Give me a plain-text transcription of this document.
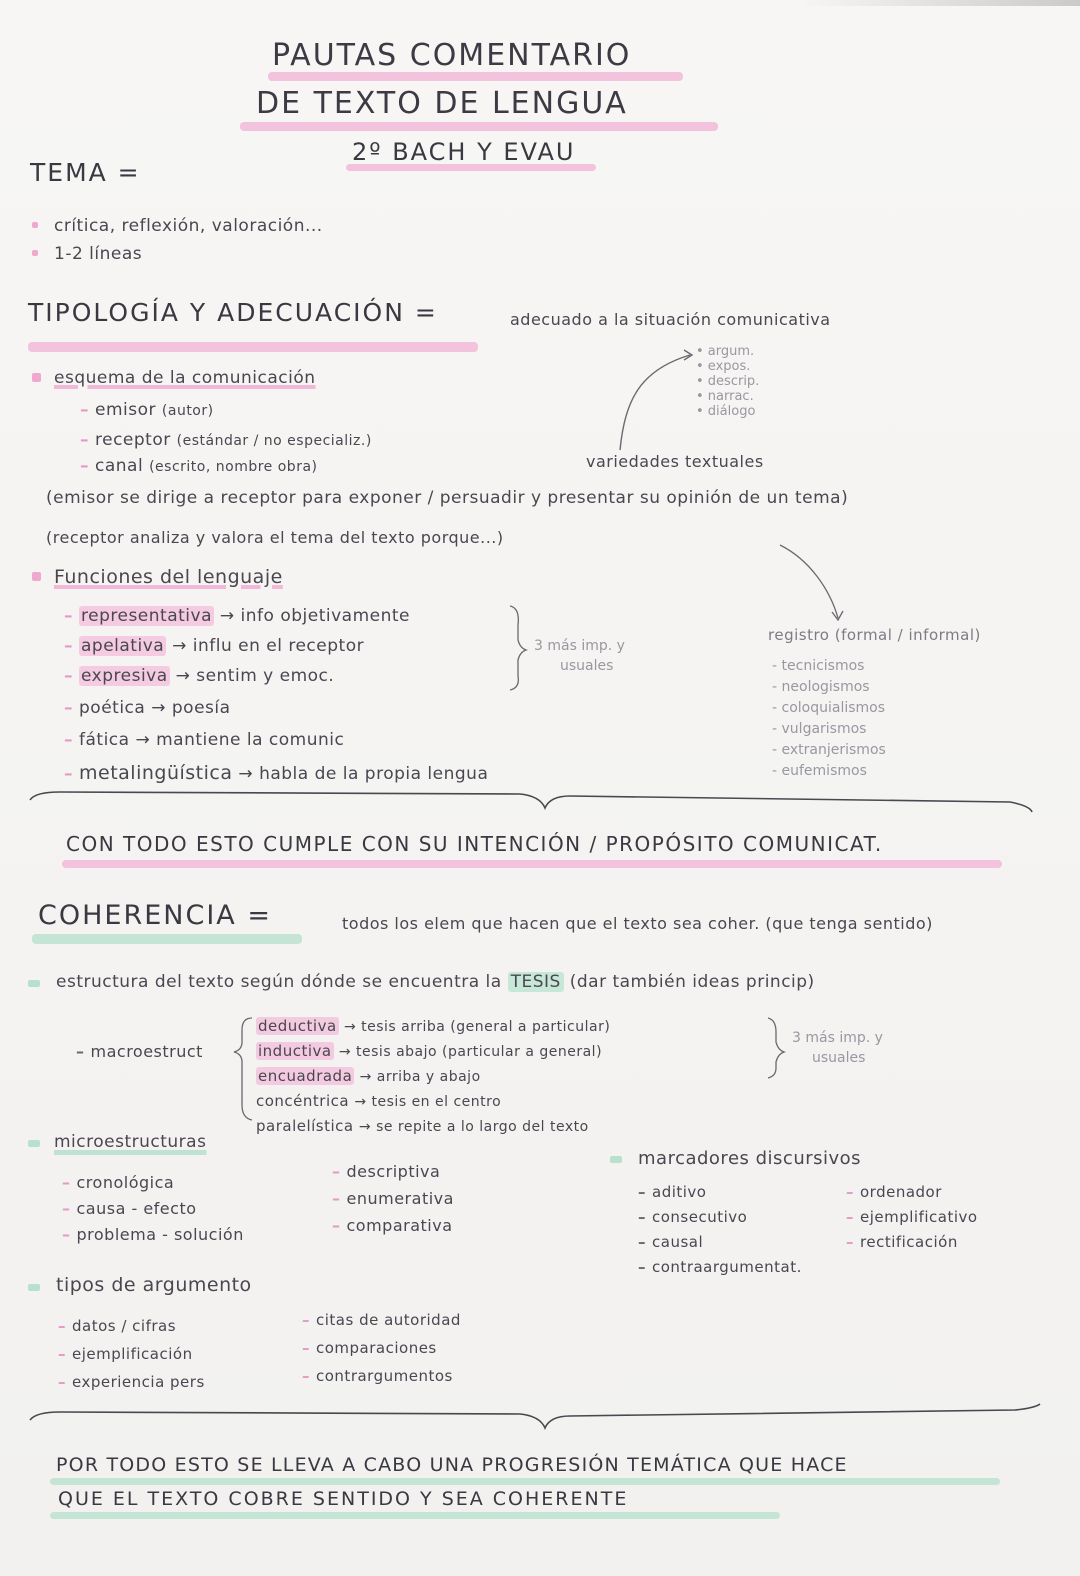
PAUTAS COMENTARIO
DE TEXTO DE LENGUA
2º BACH Y EVAU
TEMA =
crítica, reflexión, valoración...
1-2 líneas
TIPOLOGÍA Y ADECUACIÓN =	adecuado a la situación comunicativa
esquema de la comunicación
– emisor (autor)
– receptor (estándar / no especializ.)
– canal (escrito, nombre obra)
• argum.
• expos.
• descrip.
• narrac.
• diálogo
variedades textuales
(emisor se dirige a receptor para exponer / persuadir y presentar su opinión de un tema)
(receptor analiza y valora el tema del texto porque...)
Funciones del lenguaje
– representativa → info objetivamente
– apelativa → influ en el receptor
– expresiva → sentim y emoc.
– poética → poesía
– fática → mantiene la comunic
– metalingüística → habla de la propia lengua
3 más imp. y
usuales
registro (formal / informal)
- tecnicismos
- neologismos
- coloquialismos
- vulgarismos
- extranjerismos
- eufemismos
CON TODO ESTO CUMPLE CON SU INTENCIÓN / PROPÓSITO COMUNICAT.
COHERENCIA =	todos los elem que hacen que el texto sea coher. (que tenga sentido)
estructura del texto según dónde se encuentra la TESIS (dar también ideas princip)
– macroestruct
deductiva → tesis arriba (general a particular)
inductiva → tesis abajo (particular a general)
encuadrada → arriba y abajo
concéntrica → tesis en el centro
paralelística → se repite a lo largo del texto
3 más imp. y
usuales
microestructuras
– cronológica
– causa - efecto
– problema - solución
– descriptiva
– enumerativa
– comparativa
marcadores discursivos
– aditivo
– consecutivo
– causal
– contraargumentat.
– ordenador
– ejemplificativo
– rectificación
tipos de argumento
– datos / cifras
– ejemplificación
– experiencia pers
– citas de autoridad
– comparaciones
– contrargumentos
POR TODO ESTO SE LLEVA A CABO UNA PROGRESIÓN TEMÁTICA QUE HACE
QUE EL TEXTO COBRE SENTIDO Y SEA COHERENTE
